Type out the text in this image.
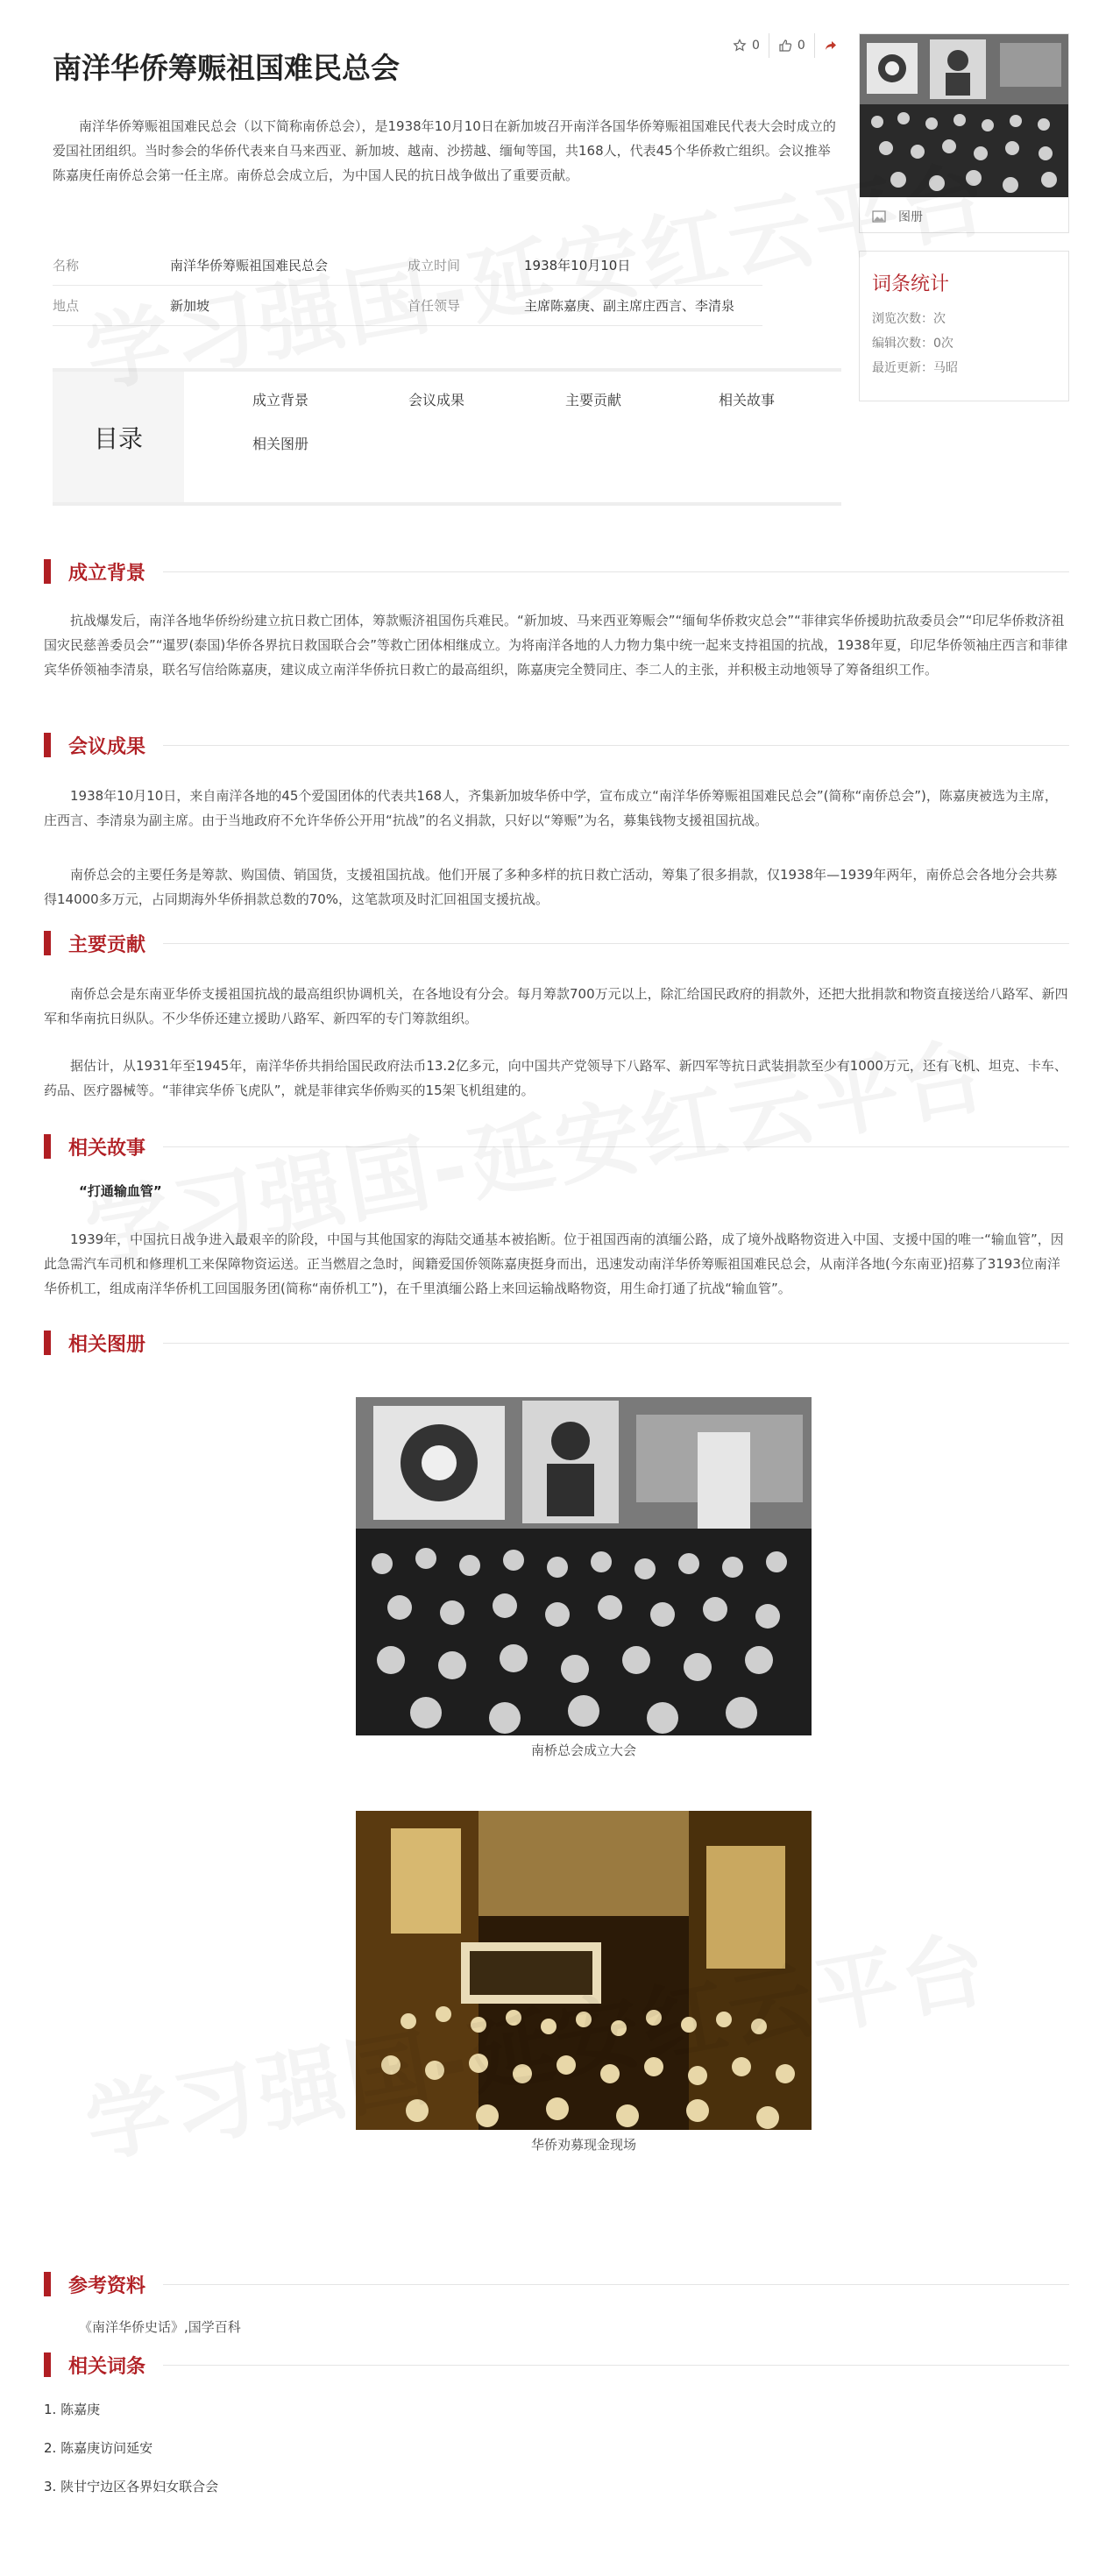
南洋华侨筹赈祖国难民总会
0	0
南洋华侨筹赈祖国难民总会（以下简称南侨总会），是1938年10月10日在新加坡召开南洋各国华侨筹赈祖国难民代表大会时成立的爱国社团组织。当时参会的华侨代表来自马来西亚、新加坡、越南、沙捞越、缅甸等国，共168人，代表45个华侨救亡组织。会议推举陈嘉庚任南侨总会第一任主席。南侨总会成立后，为中国人民的抗日战争做出了重要贡献。
名称	南洋华侨筹赈祖国难民总会	成立时间	1938年10月10日
地点	新加坡	首任领导	主席陈嘉庚、副主席庄西言、李清泉
目录
成立背景	会议成果	主要贡献	相关故事
相关图册
图册
词条统计
浏览次数：次
编辑次数：0次
最近更新：马昭
成立背景
抗战爆发后，南洋各地华侨纷纷建立抗日救亡团体，筹款赈济祖国伤兵难民。“新加坡、马来西亚筹赈会”“缅甸华侨救灾总会”“菲律宾华侨援助抗敌委员会”“印尼华侨救济祖国灾民慈善委员会”“暹罗(泰国)华侨各界抗日救国联合会”等救亡团体相继成立。为将南洋各地的人力物力集中统一起来支持祖国的抗战，1938年夏，印尼华侨领袖庄西言和菲律宾华侨领袖李清泉，联名写信给陈嘉庚，建议成立南洋华侨抗日救亡的最高组织，陈嘉庚完全赞同庄、李二人的主张，并积极主动地领导了筹备组织工作。
会议成果
1938年10月10日，来自南洋各地的45个爱国团体的代表共168人，齐集新加坡华侨中学，宣布成立“南洋华侨筹赈祖国难民总会”(简称“南侨总会”)，陈嘉庚被选为主席，庄西言、李清泉为副主席。由于当地政府不允许华侨公开用“抗战”的名义捐款，只好以“筹赈”为名，募集钱物支援祖国抗战。
南侨总会的主要任务是筹款、购国债、销国货，支援祖国抗战。他们开展了多种多样的抗日救亡活动，筹集了很多捐款，仅1938年—1939年两年，南侨总会各地分会共募得14000多万元，占同期海外华侨捐款总数的70%，这笔款项及时汇回祖国支援抗战。
主要贡献
南侨总会是东南亚华侨支援祖国抗战的最高组织协调机关，在各地设有分会。每月筹款700万元以上，除汇给国民政府的捐款外，还把大批捐款和物资直接送给八路军、新四军和华南抗日纵队。不少华侨还建立援助八路军、新四军的专门筹款组织。
据估计，从1931年至1945年，南洋华侨共捐给国民政府法币13.2亿多元，向中国共产党领导下八路军、新四军等抗日武装捐款至少有1000万元，还有飞机、坦克、卡车、药品、医疗器械等。“菲律宾华侨飞虎队”，就是菲律宾华侨购买的15架飞机组建的。
相关故事
“打通输血管”
1939年，中国抗日战争进入最艰辛的阶段，中国与其他国家的海陆交通基本被掐断。位于祖国西南的滇缅公路，成了境外战略物资进入中国、支援中国的唯一“输血管”，因此急需汽车司机和修理机工来保障物资运送。正当燃眉之急时，闽籍爱国侨领陈嘉庚挺身而出，迅速发动南洋华侨筹赈祖国难民总会，从南洋各地(今东南亚)招募了3193位南洋华侨机工，组成南洋华侨机工回国服务团(简称“南侨机工”)，在千里滇缅公路上来回运输战略物资，用生命打通了抗战“输血管”。
相关图册
南桥总会成立大会
华侨劝募现金现场
参考资料
《南洋华侨史话》,国学百科
相关词条
1. 陈嘉庚
2. 陈嘉庚访问延安
3. 陕甘宁边区各界妇女联合会
